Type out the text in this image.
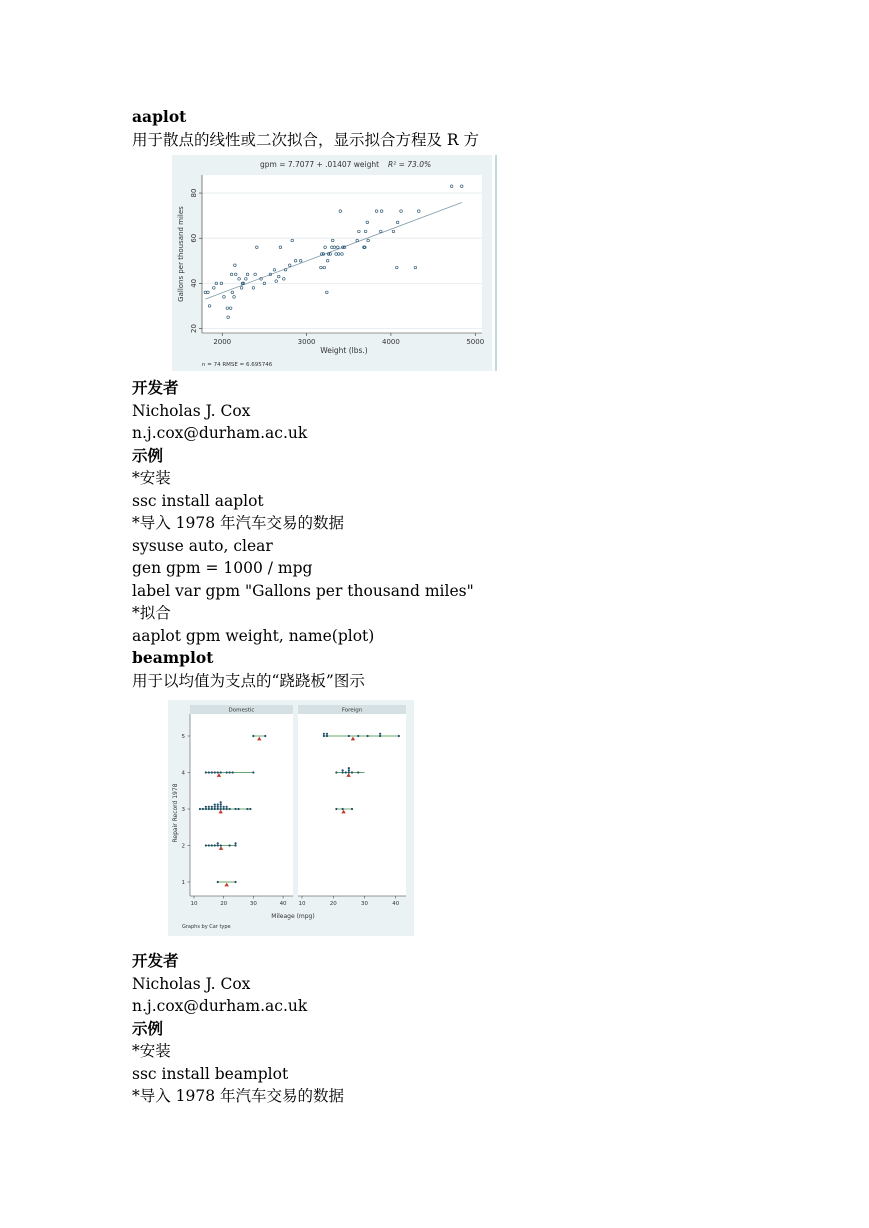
aaplot
用于散点的线性或二次拟合，显示拟合方程及 R 方
2000	3000	4000	5000
20
40
60
80
gpm = 7.7077 + .01407 weight R² = 73.0%
Weight (lbs.)
Gallons per thousand miles
n = 74 RMSE = 6.695746
开发者
Nicholas J. Cox
n.j.cox@durham.ac.uk
示例
*安装
ssc install aaplot
*导入 1978 年汽车交易的数据
sysuse auto, clear
gen gpm = 1000 / mpg
label var gpm "Gallons per thousand miles"
*拟合
aaplot gpm weight, name(plot)
beamplot
用于以均值为支点的“跷跷板”图示
Domestic
10	20	30	40
Foreign
10	20	30	40
1
2
3
4
5
Mileage (mpg)
Repair Record 1978
Graphs by Car type
开发者
Nicholas J. Cox
n.j.cox@durham.ac.uk
示例
*安装
ssc install beamplot
*导入 1978 年汽车交易的数据
